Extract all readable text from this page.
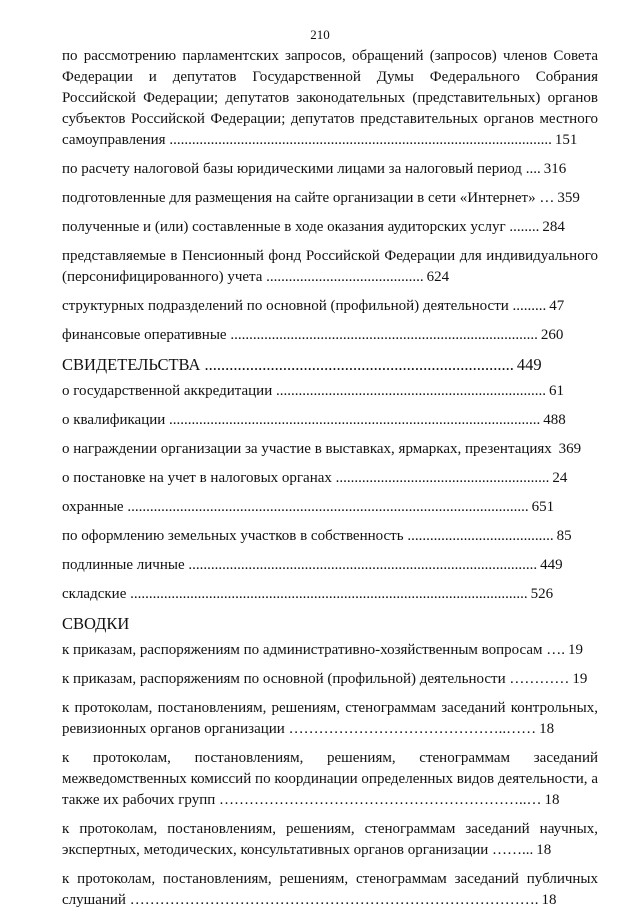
210
по рассмотрению парламентских запросов, обращений (запросов) членов Совета Федерации и депутатов Государственной Думы Федерального Собрания Российской Федерации; депутатов законодательных (представительных) органов субъектов Российской Федерации; депутатов представительных органов местного самоуправления ...................................................................................................... 151
по расчету налоговой базы юридическими лицами за налоговый период .... 316
подготовленные для размещения на сайте организации в сети «Интернет» … 359
полученные и (или) составленные в ходе оказания аудиторских услуг ........ 284
представляемые в Пенсионный фонд Российской Федерации для индивидуального (персонифицированного) учета .......................................... 624
структурных подразделений по основной (профильной) деятельности ......... 47
финансовые оперативные .................................................................................. 260
СВИДЕТЕЛЬСТВА ........................................................................... 449
о государственной аккредитации ........................................................................ 61
о квалификации ................................................................................................... 488
о награждении организации за участие в выставках, ярмарках, презентациях 369
о постановке на учет в налоговых органах ......................................................... 24
охранные ........................................................................................................... 651
по оформлению земельных участков в собственность ....................................... 85
подлинные личные ............................................................................................. 449
складские .......................................................................................................... 526
СВОДКИ
к приказам, распоряжениям по административно-хозяйственным вопросам …. 19
к приказам, распоряжениям по основной (профильной) деятельности ………… 19
к протоколам, постановлениям, решениям, стенограммам заседаний контрольных, ревизионных органов организации ……………………………………..…… 18
к протоколам, постановлениям, решениям, стенограммам заседаний межведомственных комиссий по координации определенных видов деятельности, а также их рабочих групп ……………………………………………………..… 18
к протоколам, постановлениям, решениям, стенограммам заседаний научных, экспертных, методических, консультативных органов организации ……... 18
к протоколам, постановлениям, решениям, стенограммам заседаний публичных слушаний ………………………………………………………………………. 18
